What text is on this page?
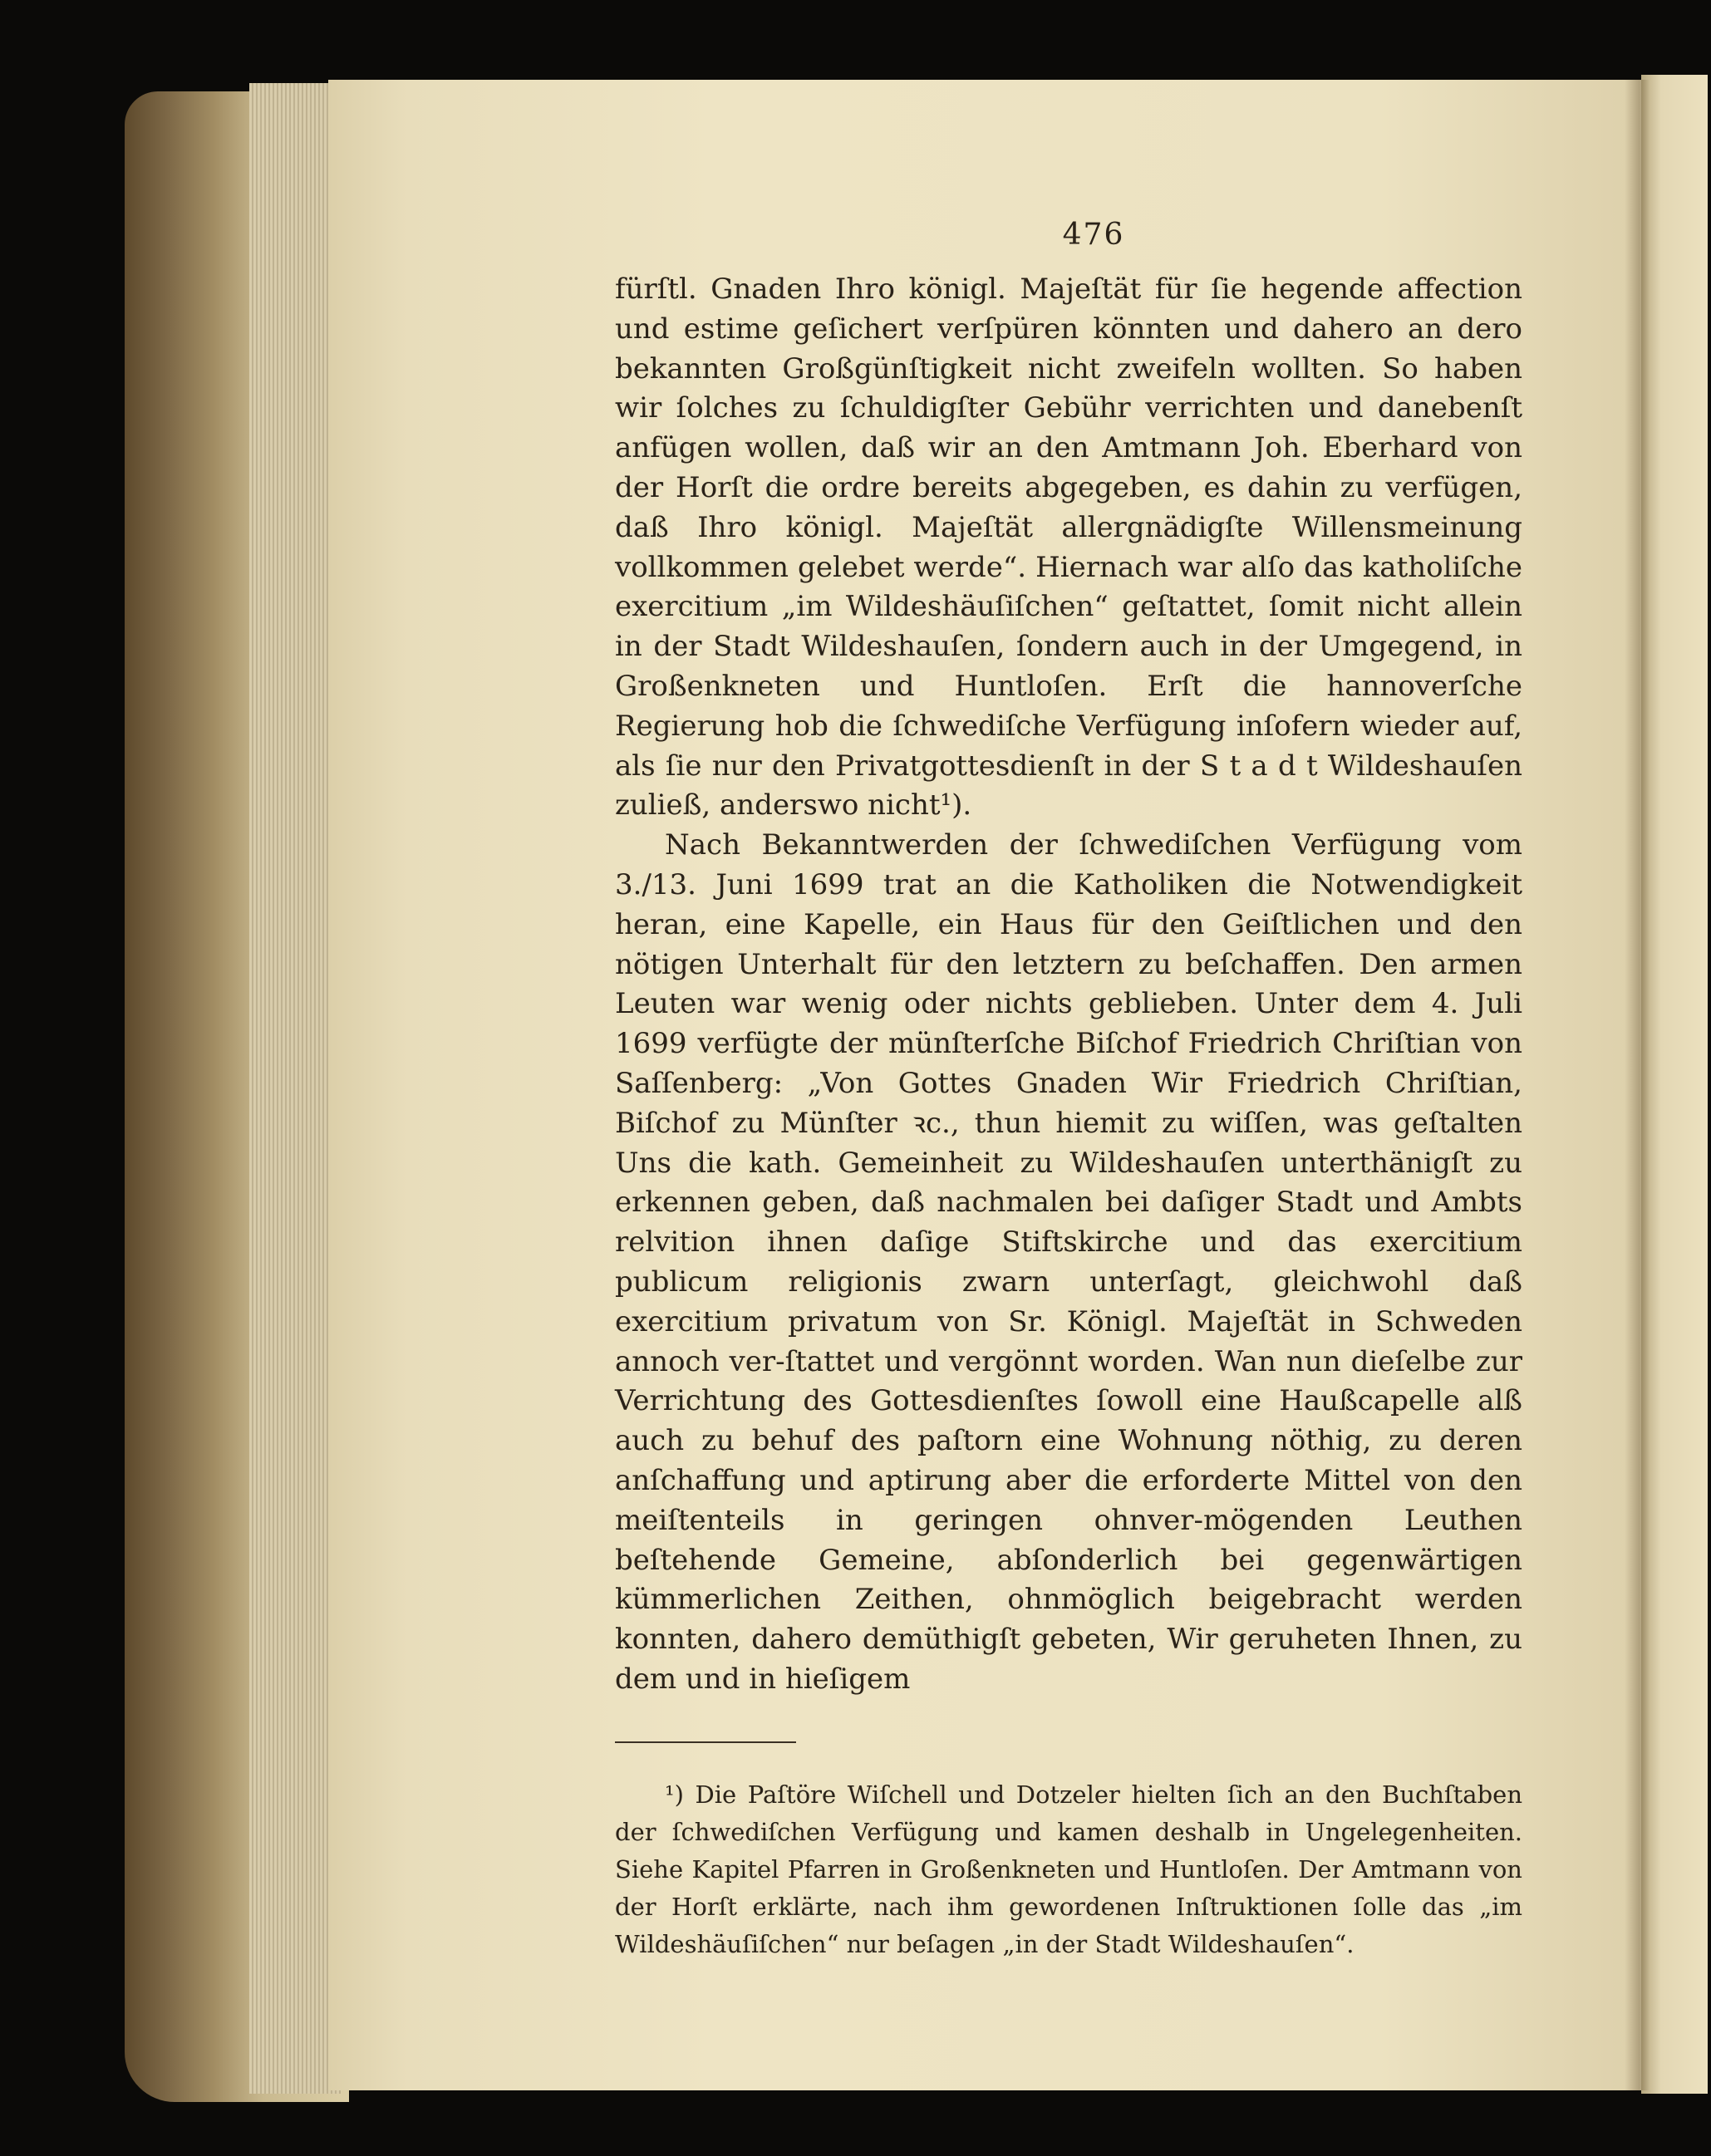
476

fürſtl. Gnaden Ihro königl. Majeſtät für ſie hegende affection und estime geſichert verſpüren könnten und dahero an dero bekannten Großgünſtigkeit nicht zweifeln wollten. So haben wir ſolches zu ſchuldigſter Gebühr verrichten und danebenſt anfügen wollen, daß wir an den Amtmann Joh. Eberhard von der Horſt die ordre bereits abgegeben, es dahin zu verfügen, daß Ihro königl. Majeſtät allergnädigſte Willensmeinung vollkommen gelebet werde“. Hiernach war alſo das katholiſche exercitium „im Wildeshäuſiſchen“ geſtattet, ſomit nicht allein in der Stadt Wildeshauſen, ſondern auch in der Umgegend, in Großenkneten und Huntloſen. Erſt die hannoverſche Regierung hob die ſchwediſche Verfügung inſofern wieder auf, als ſie nur den Privatgottesdienſt in der S t a d t Wildeshauſen zuließ, anderswo nicht¹).

Nach Bekanntwerden der ſchwediſchen Verfügung vom 3./13. Juni 1699 trat an die Katholiken die Notwendigkeit heran, eine Kapelle, ein Haus für den Geiſtlichen und den nötigen Unterhalt für den letztern zu beſchaffen. Den armen Leuten war wenig oder nichts geblieben. Unter dem 4. Juli 1699 verfügte der münſterſche Biſchof Friedrich Chriſtian von Saſſenberg: „Von Gottes Gnaden Wir Friedrich Chriſtian, Biſchof zu Münſter ꝛc., thun hiemit zu wiſſen, was geſtalten Uns die kath. Gemeinheit zu Wildeshauſen unterthänigſt zu erkennen geben, daß nachmalen bei daſiger Stadt und Ambts relvition ihnen daſige Stiftskirche und das exercitium publicum religionis zwarn unterſagt, gleichwohl daß exercitium privatum von Sr. Königl. Majeſtät in Schweden annoch ver-ſtattet und vergönnt worden. Wan nun dieſelbe zur Verrichtung des Gottesdienſtes ſowoll eine Haußcapelle alß auch zu behuf des paſtorn eine Wohnung nöthig, zu deren anſchaffung und aptirung aber die erforderte Mittel von den meiſtenteils in geringen ohnver-mögenden Leuthen beſtehende Gemeine, abſonderlich bei gegenwärtigen kümmerlichen Zeithen, ohnmöglich beigebracht werden konnten, dahero demüthigſt gebeten, Wir geruheten Ihnen, zu dem und in hieſigem

¹) Die Paſtöre Wiſchell und Dotzeler hielten ſich an den Buchſtaben der ſchwediſchen Verfügung und kamen deshalb in Ungelegenheiten. Siehe Kapitel Pfarren in Großenkneten und Huntloſen. Der Amtmann von der Horſt erklärte, nach ihm gewordenen Inſtruktionen ſolle das „im Wildeshäuſiſchen“ nur beſagen „in der Stadt Wildeshauſen“.
